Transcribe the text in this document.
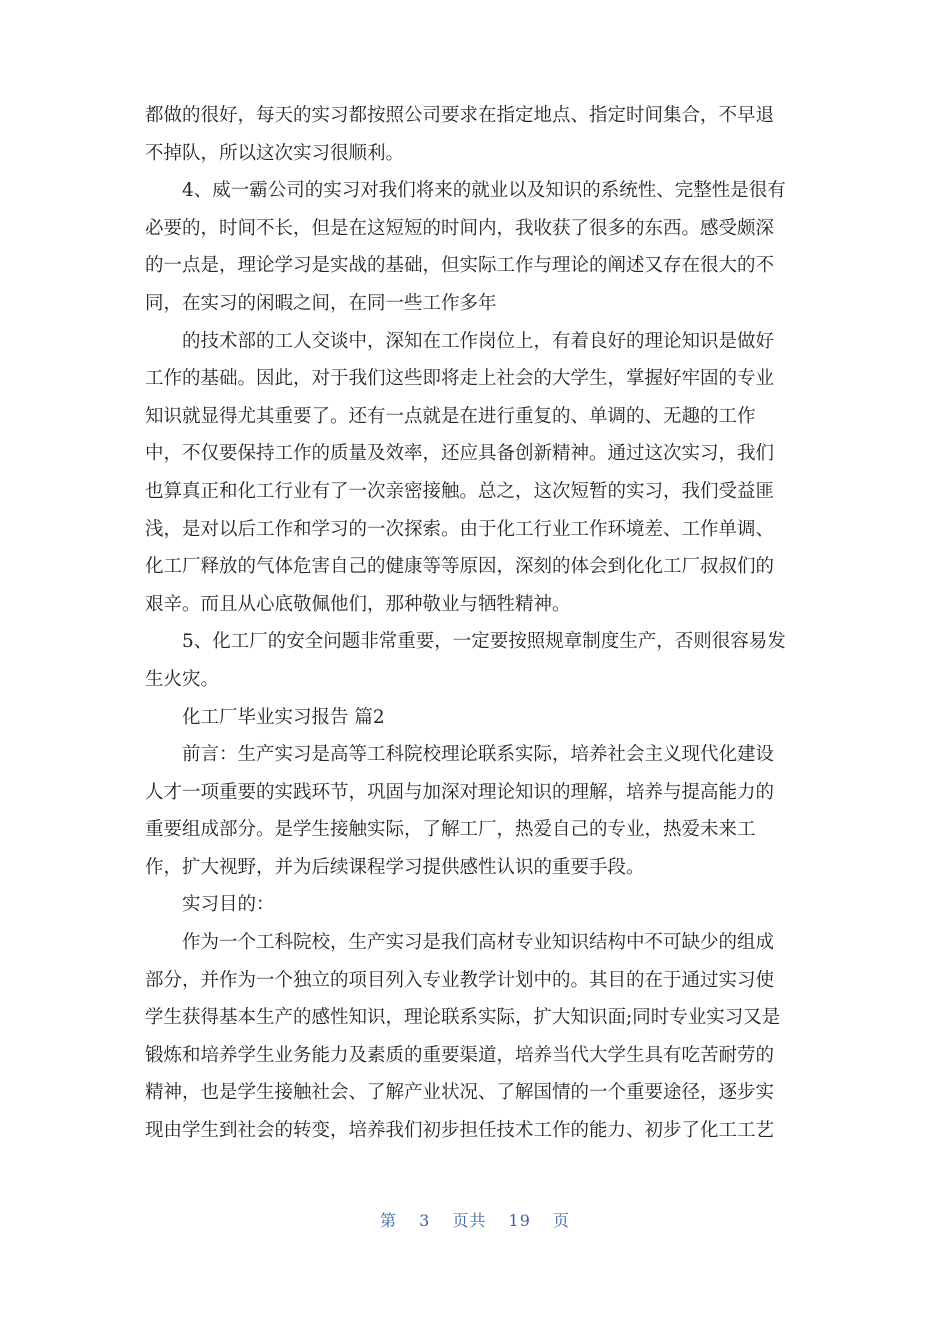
都做的很好，每天的实习都按照公司要求在指定地点、指定时间集合，不早退
不掉队，所以这次实习很顺利。
4、威一霸公司的实习对我们将来的就业以及知识的系统性、完整性是很有
必要的，时间不长，但是在这短短的时间内，我收获了很多的东西。感受颇深
的一点是，理论学习是实战的基础，但实际工作与理论的阐述又存在很大的不
同，在实习的闲暇之间，在同一些工作多年
的技术部的工人交谈中，深知在工作岗位上，有着良好的理论知识是做好
工作的基础。因此，对于我们这些即将走上社会的大学生，掌握好牢固的专业
知识就显得尤其重要了。还有一点就是在进行重复的、单调的、无趣的工作
中，不仅要保持工作的质量及效率，还应具备创新精神。通过这次实习，我们
也算真正和化工行业有了一次亲密接触。总之，这次短暂的实习，我们受益匪
浅，是对以后工作和学习的一次探索。由于化工行业工作环境差、工作单调、
化工厂释放的气体危害自己的健康等等原因，深刻的体会到化化工厂叔叔们的
艰辛。而且从心底敬佩他们，那种敬业与牺牲精神。
5、化工厂的安全问题非常重要，一定要按照规章制度生产，否则很容易发
生火灾。
化工厂毕业实习报告 篇2
前言：生产实习是高等工科院校理论联系实际，培养社会主义现代化建设
人才一项重要的实践环节，巩固与加深对理论知识的理解，培养与提高能力的
重要组成部分。是学生接触实际，了解工厂，热爱自己的专业，热爱未来工
作，扩大视野，并为后续课程学习提供感性认识的重要手段。
实习目的：
作为一个工科院校，生产实习是我们高材专业知识结构中不可缺少的组成
部分，并作为一个独立的项目列入专业教学计划中的。其目的在于通过实习使
学生获得基本生产的感性知识，理论联系实际，扩大知识面;同时专业实习又是
锻炼和培养学生业务能力及素质的重要渠道，培养当代大学生具有吃苦耐劳的
精神，也是学生接触社会、了解产业状况、了解国情的一个重要途径，逐步实
现由学生到社会的转变，培养我们初步担任技术工作的能力、初步了化工工艺
第 3 页共 19 页
